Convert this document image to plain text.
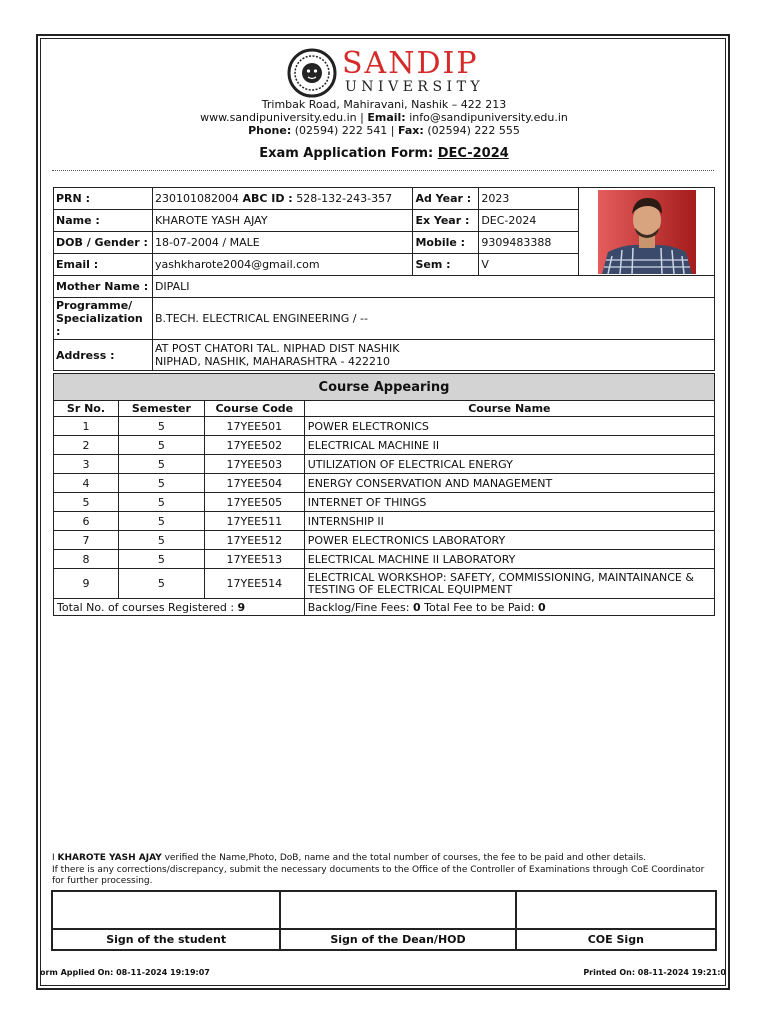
SANDIP
UNIVERSITY
Trimbak Road, Mahiravani, Nashik – 422 213
www.sandipuniversity.edu.in | Email: info@sandipuniversity.edu.in
Phone: (02594) 222 541 | Fax: (02594) 222 555
Exam Application Form: DEC-2024
PRN :	230101082004 ABC ID : 528-132-243-357	Ad Year :	2023	

Name :	KHAROTE YASH AJAY	Ex Year :	DEC-2024	
DOB / Gender :	18-07-2004 / MALE	Mobile :	9309483388	
Email :	yashkharote2004@gmail.com	Sem :	V	
Mother Name :	DIPALI			
Programme/
Specialization :	B.TECH. ELECTRICAL ENGINEERING / --			
Address :	AT POST CHATORI TAL. NIPHAD DIST NASHIK
NIPHAD, NASHIK, MAHARASHTRA - 422210			
Course Appearing			
Sr No.	Semester	Course Code	Course Name
1	5	17YEE501	POWER ELECTRONICS
2	5	17YEE502	ELECTRICAL MACHINE II
3	5	17YEE503	UTILIZATION OF ELECTRICAL ENERGY
4	5	17YEE504	ENERGY CONSERVATION AND MANAGEMENT
5	5	17YEE505	INTERNET OF THINGS
6	5	17YEE511	INTERNSHIP II
7	5	17YEE512	POWER ELECTRONICS LABORATORY
8	5	17YEE513	ELECTRICAL MACHINE II LABORATORY
9	5	17YEE514	ELECTRICAL WORKSHOP: SAFETY, COMMISSIONING, MAINTAINANCE &
TESTING OF ELECTRICAL EQUIPMENT
Total No. of courses Registered : 9			Backlog/Fine Fees: 0 Total Fee to be Paid: 0
I KHAROTE YASH AJAY verified the Name,Photo, DoB, name and the total number of courses, the fee to be paid and other details.
If there is any corrections/discrepancy, submit the necessary documents to the Office of the Controller of Examinations through CoE Coordinator for further processing.

Sign of the student	Sign of the Dean/HOD	COE Sign
orm Applied On: 08-11-2024 19:19:07	Printed On: 08-11-2024 19:21:0
